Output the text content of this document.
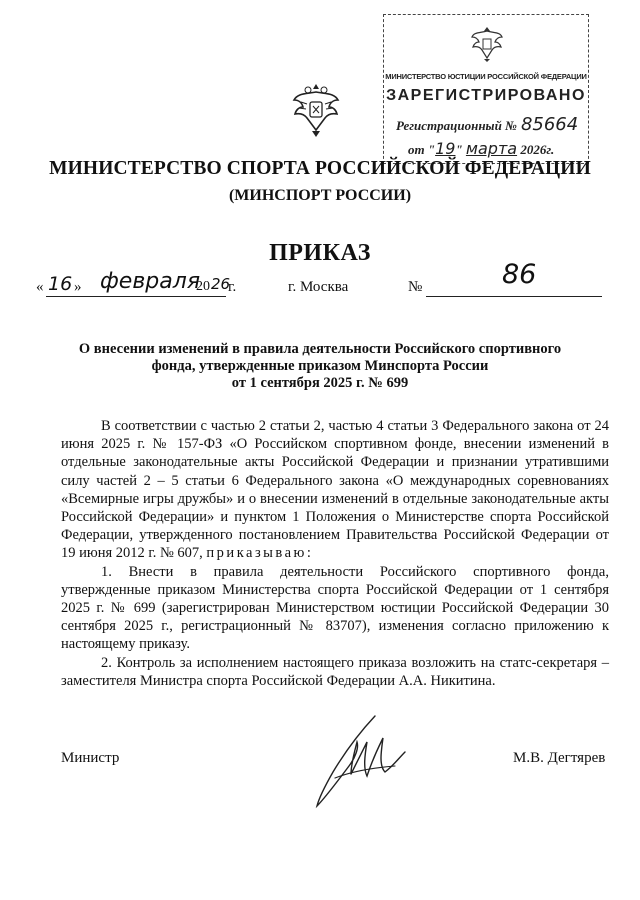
МИНИСТЕРСТВО ЮСТИЦИИ РОССИЙСКОЙ ФЕДЕРАЦИИ
ЗАРЕГИСТРИРОВАНО
Регистрационный № 85664
от "19" марта 2026г.
МИНИСТЕРСТВО СПОРТА РОССИЙСКОЙ ФЕДЕРАЦИИ
(МИНСПОРТ РОССИИ)
ПРИКАЗ
« 16 » февраля
20 26
г.	г. Москва	№	86
О внесении изменений в правила деятельности Российского спортивного
фонда, утвержденные приказом Минспорта России
от 1 сентября 2025 г. № 699

В соответствии с частью 2 статьи 2, частью 4 статьи 3 Федерального закона от 24 июня 2025 г. № 157-ФЗ «О Российском спортивном фонде, внесении изменений в отдельные законодательные акты Российской Федерации и признании утратившими силу частей 2 – 5 статьи 6 Федерального закона «О международных соревнованиях «Всемирные игры дружбы» и о внесении изменений в отдельные законодательные акты Российской Федерации» и пунктом 1 Положения о Министерстве спорта Российской Федерации, утвержденного постановлением Правительства Российской Федерации от 19 июня 2012 г. № 607, приказываю:

1. Внести в правила деятельности Российского спортивного фонда, утвержденные приказом Министерства спорта Российской Федерации от 1 сентября 2025 г. № 699 (зарегистрирован Министерством юстиции Российской Федерации 30 сентября 2025 г., регистрационный № 83707), изменения согласно приложению к настоящему приказу.

2. Контроль за исполнением настоящего приказа возложить на статс-секретаря – заместителя Министра спорта Российской Федерации А.А. Никитина.

Министр	М.В. Дегтярев
